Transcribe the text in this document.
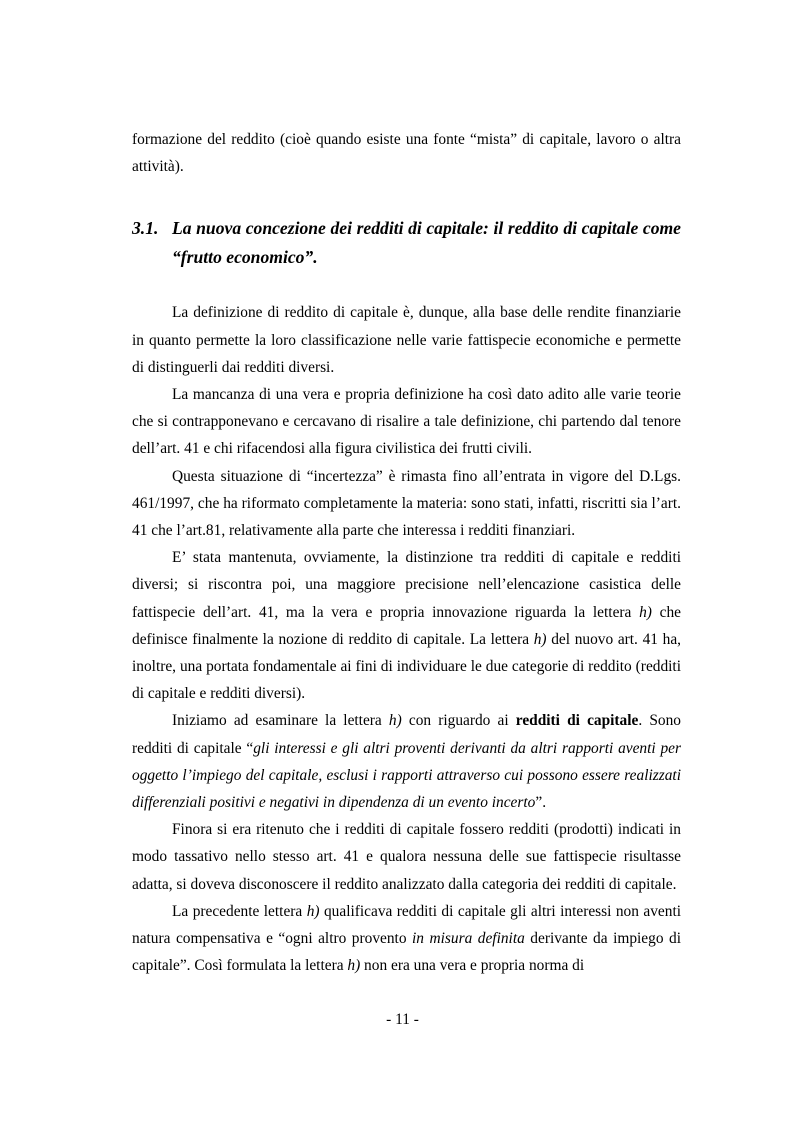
formazione del reddito (cioè quando esiste una fonte “mista” di capitale, lavoro o altra attività).

3.1. La nuova concezione dei redditi di capitale: il reddito di capitale come “frutto economico”.

La definizione di reddito di capitale è, dunque, alla base delle rendite finanziarie in quanto permette la loro classificazione nelle varie fattispecie economiche e permette di distinguerli dai redditi diversi.

La mancanza di una vera e propria definizione ha così dato adito alle varie teorie che si contrapponevano e cercavano di risalire a tale definizione, chi partendo dal tenore dell’art. 41 e chi rifacendosi alla figura civilistica dei frutti civili.

Questa situazione di “incertezza” è rimasta fino all’entrata in vigore del D.Lgs. 461/1997, che ha riformato completamente la materia: sono stati, infatti, riscritti sia l’art. 41 che l’art.81, relativamente alla parte che interessa i redditi finanziari.

E’ stata mantenuta, ovviamente, la distinzione tra redditi di capitale e redditi diversi; si riscontra poi, una maggiore precisione nell’elencazione casistica delle fattispecie dell’art. 41, ma la vera e propria innovazione riguarda la lettera h) che definisce finalmente la nozione di reddito di capitale. La lettera h) del nuovo art. 41 ha, inoltre, una portata fondamentale ai fini di individuare le due categorie di reddito (redditi di capitale e redditi diversi).

Iniziamo ad esaminare la lettera h) con riguardo ai redditi di capitale. Sono redditi di capitale “gli interessi e gli altri proventi derivanti da altri rapporti aventi per oggetto l’impiego del capitale, esclusi i rapporti attraverso cui possono essere realizzati differenziali positivi e negativi in dipendenza di un evento incerto”.

Finora si era ritenuto che i redditi di capitale fossero redditi (prodotti) indicati in modo tassativo nello stesso art. 41 e qualora nessuna delle sue fattispecie risultasse adatta, si doveva disconoscere il reddito analizzato dalla categoria dei redditi di capitale.

La precedente lettera h) qualificava redditi di capitale gli altri interessi non aventi natura compensativa e “ogni altro provento in misura definita derivante da impiego di capitale”. Così formulata la lettera h) non era una vera e propria norma di

- 11 -
